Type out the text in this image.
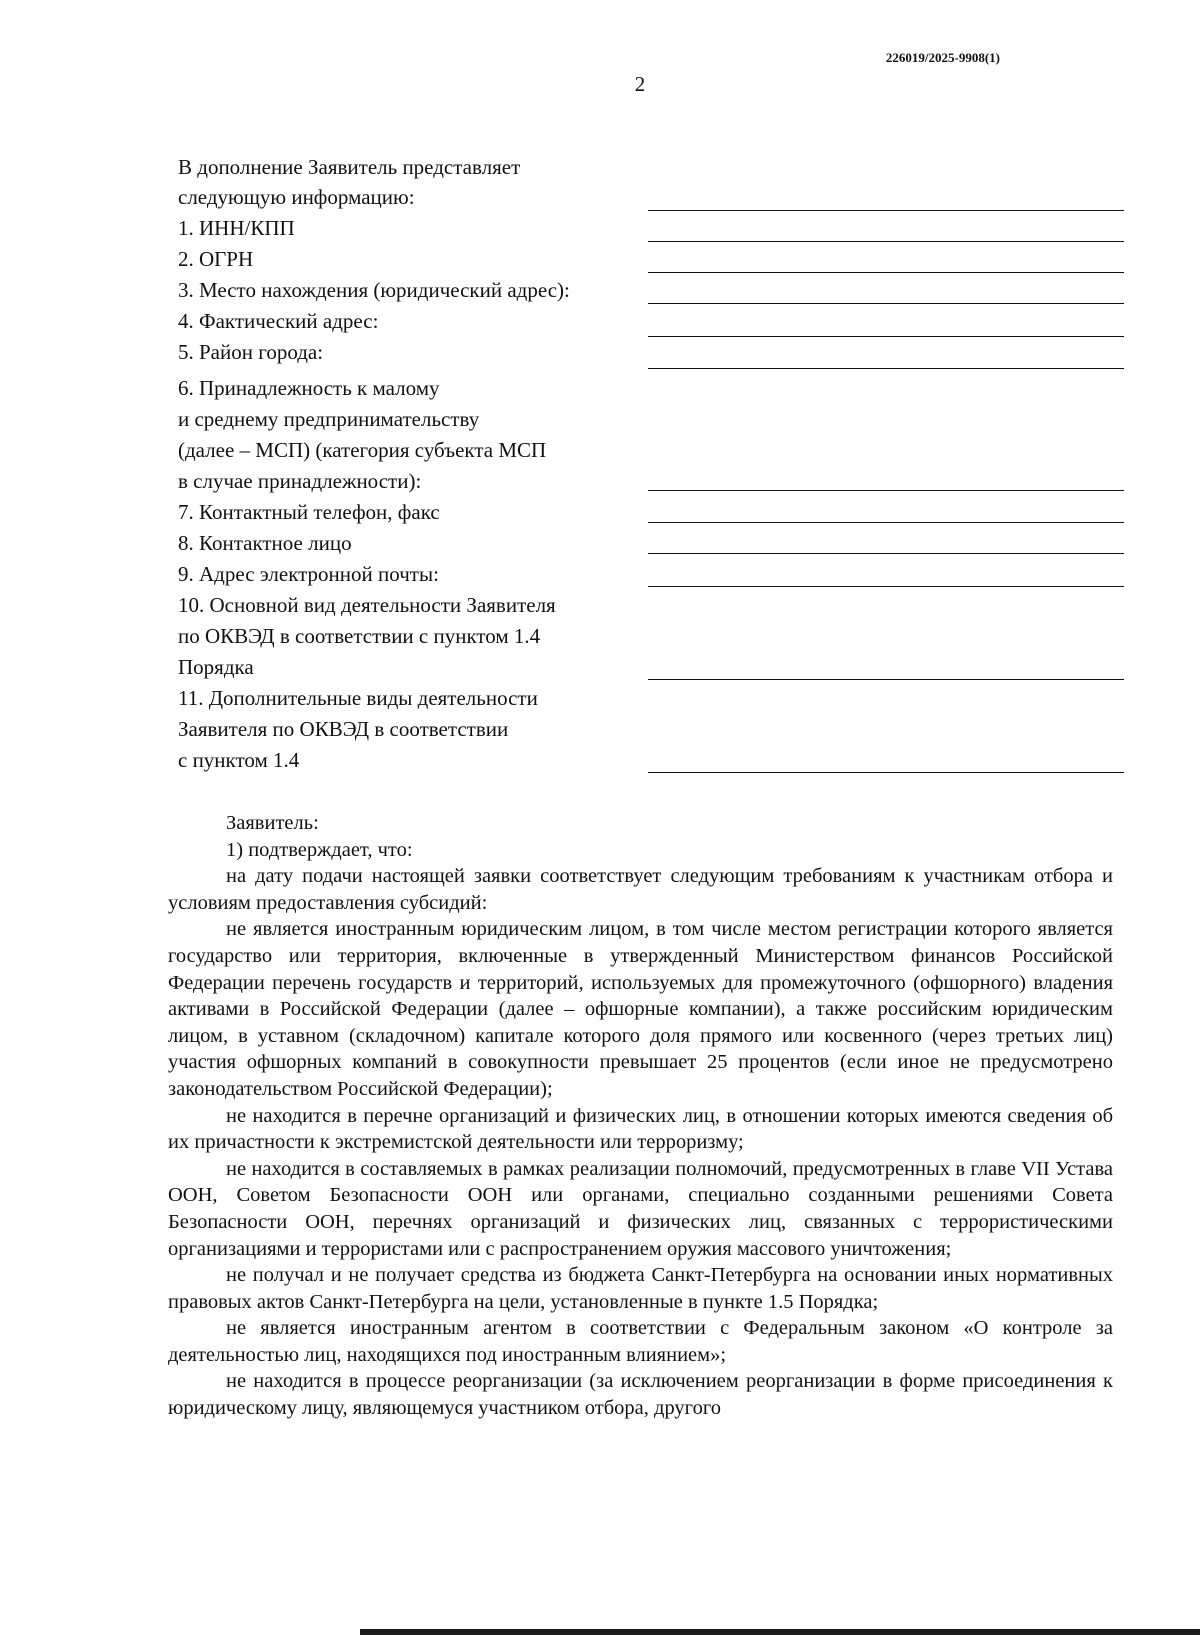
226019/2025-9908(1)
2
В дополнение Заявитель представляет
следующую информацию:
1. ИНН/КПП
2. ОГРН
3. Место нахождения (юридический адрес):
4. Фактический адрес:
5. Район города:
6. Принадлежность к малому
и среднему предпринимательству
(далее – МСП) (категория субъекта МСП
в случае принадлежности):
7. Контактный телефон, факс
8. Контактное лицо
9. Адрес электронной почты:
10. Основной вид деятельности Заявителя
по ОКВЭД в соответствии с пунктом 1.4
Порядка
11. Дополнительные виды деятельности
Заявителя по ОКВЭД в соответствии
с пунктом 1.4

Заявитель:

1) подтверждает, что:

на дату подачи настоящей заявки соответствует следующим требованиям к участникам отбора и условиям предоставления субсидий:

не является иностранным юридическим лицом, в том числе местом регистрации которого является государство или территория, включенные в утвержденный Министерством финансов Российской Федерации перечень государств и территорий, используемых для промежуточного (офшорного) владения активами в Российской Федерации (далее – офшорные компании), а также российским юридическим лицом, в уставном (складочном) капитале которого доля прямого или косвенного (через третьих лиц) участия офшорных компаний в совокупности превышает 25 процентов (если иное не предусмотрено законодательством Российской Федерации);

не находится в перечне организаций и физических лиц, в отношении которых имеются сведения об их причастности к экстремистской деятельности или терроризму;

не находится в составляемых в рамках реализации полномочий, предусмотренных в главе VII Устава ООН, Советом Безопасности ООН или органами, специально созданными решениями Совета Безопасности ООН, перечнях организаций и физических лиц, связанных с террористическими организациями и террористами или с распространением оружия массового уничтожения;

не получал и не получает средства из бюджета Санкт-Петербурга на основании иных нормативных правовых актов Санкт-Петербурга на цели, установленные в пункте 1.5 Порядка;

не является иностранным агентом в соответствии с Федеральным законом «О контроле за деятельностью лиц, находящихся под иностранным влиянием»;

не находится в процессе реорганизации (за исключением реорганизации в форме присоединения к юридическому лицу, являющемуся участником отбора, другого
